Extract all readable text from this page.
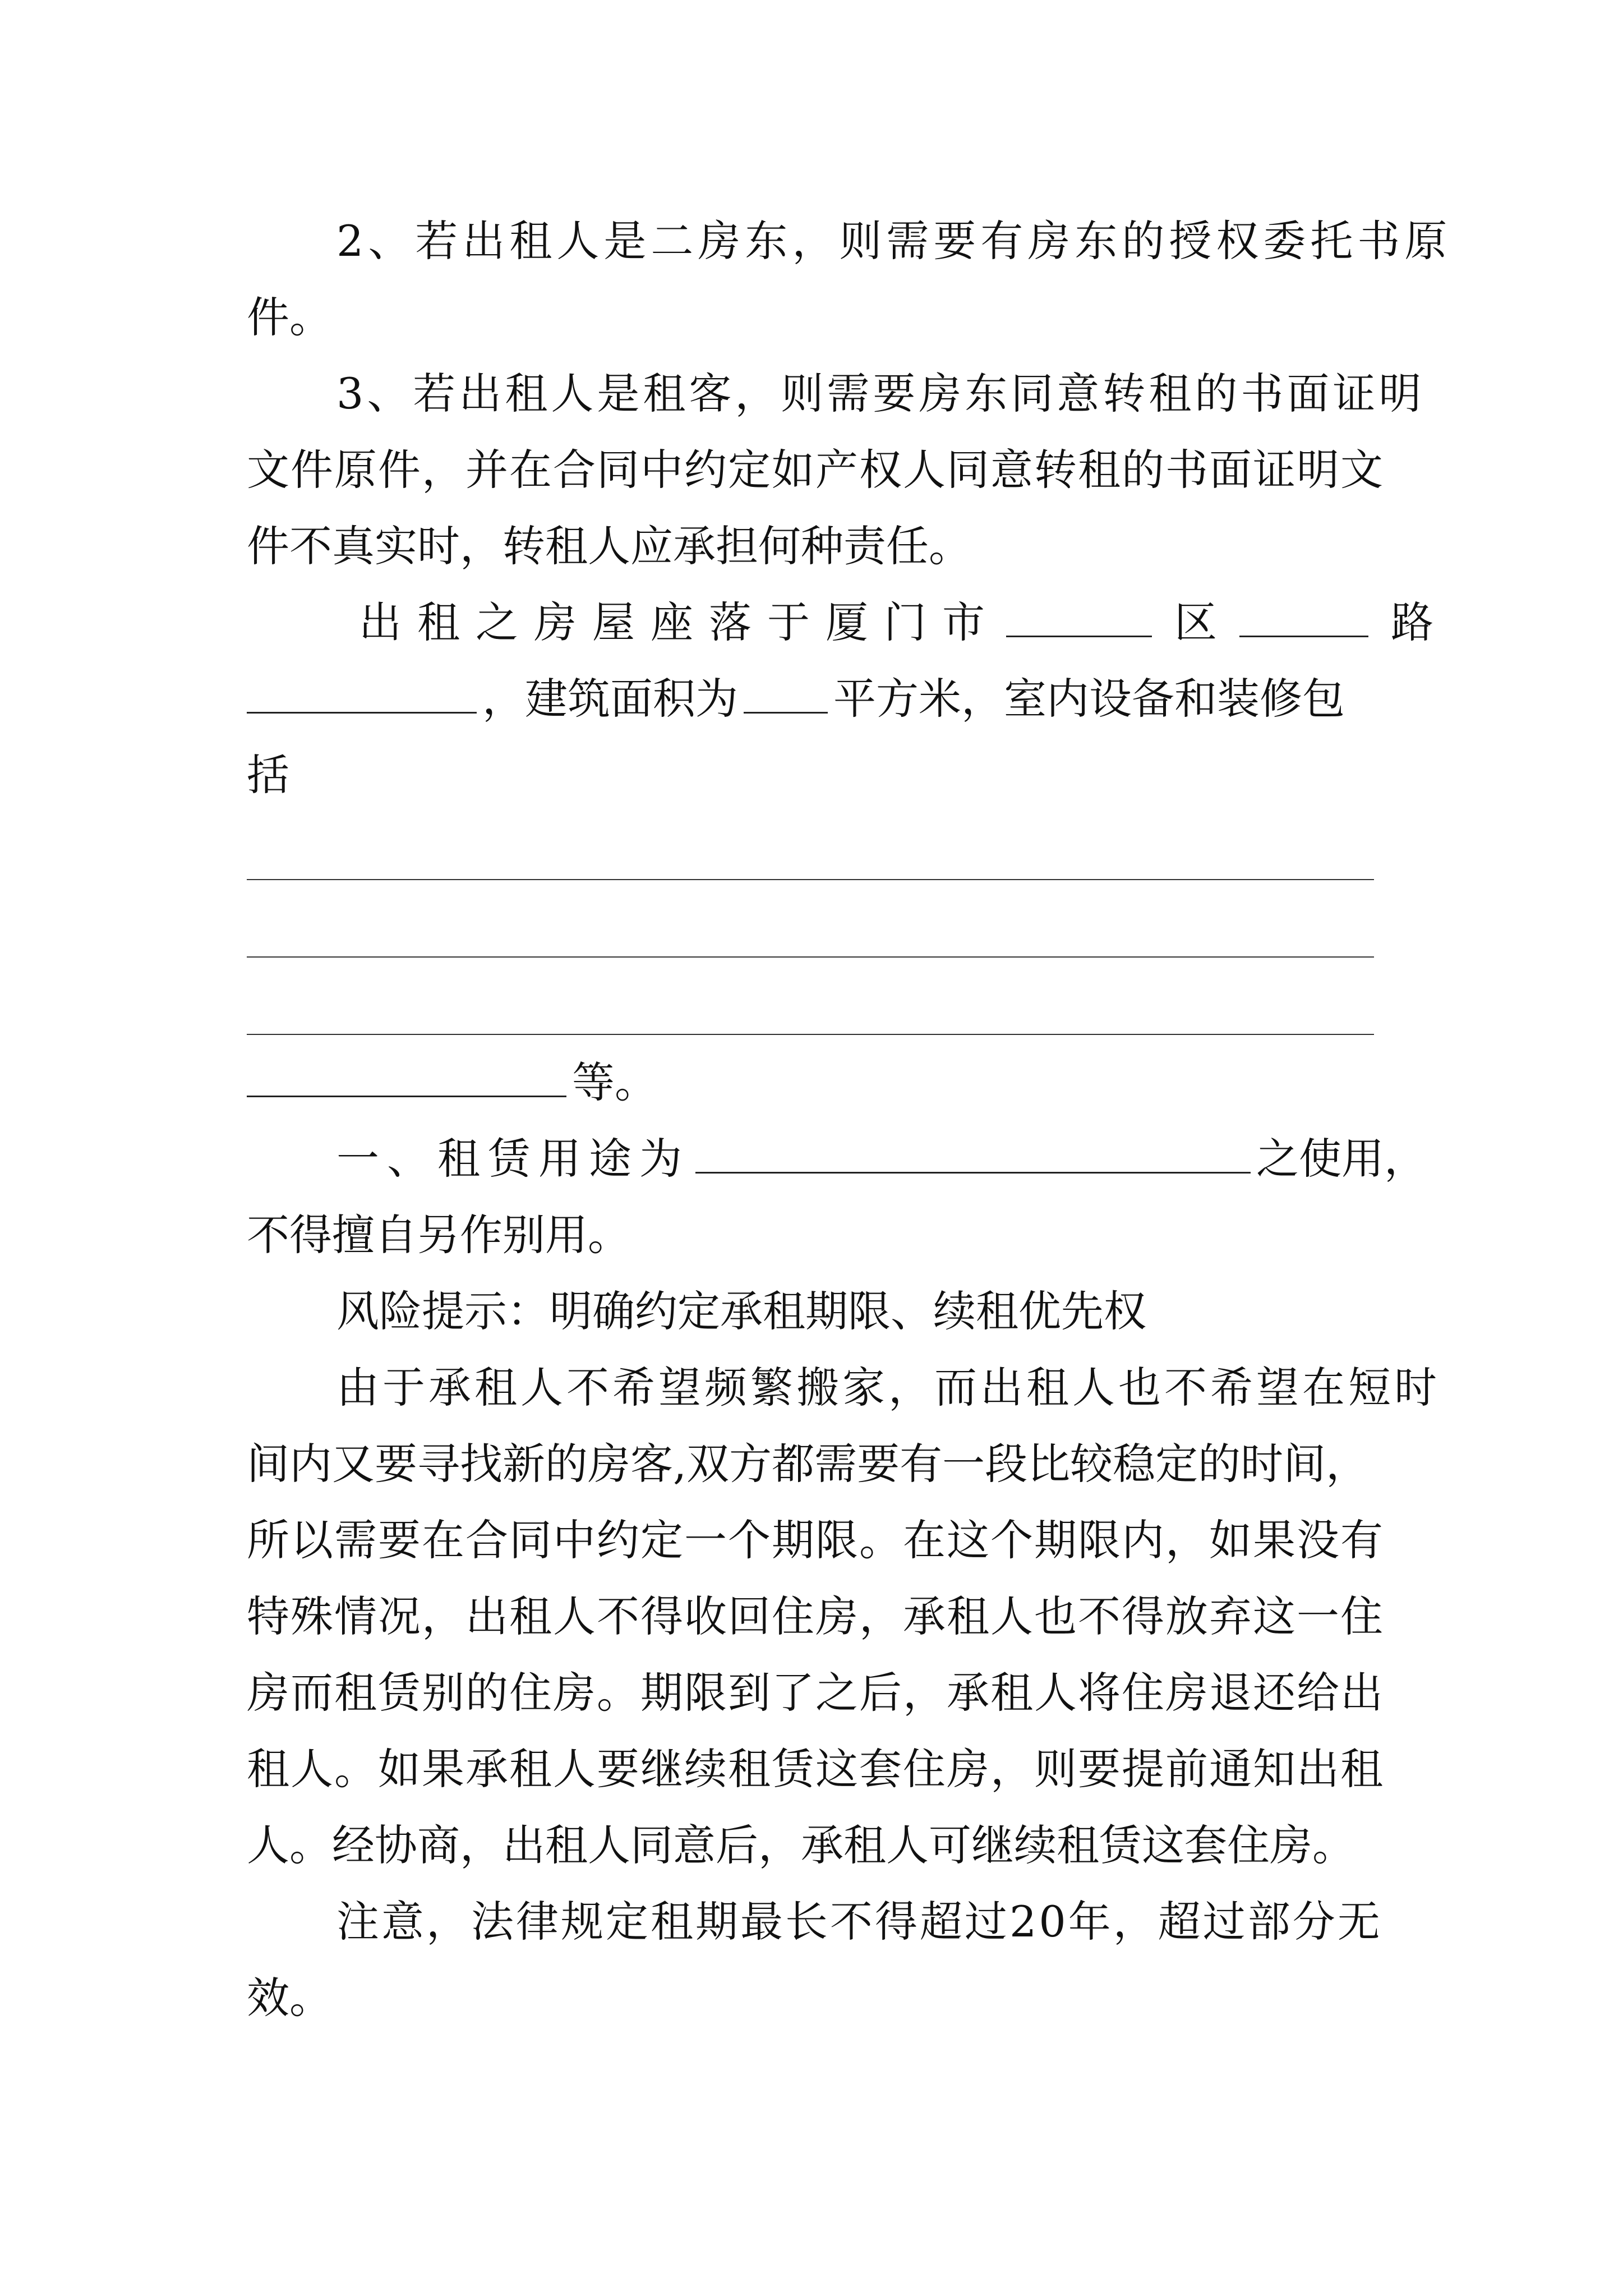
2、若出租人是二房东，则需要有房东的授权委托书原
件。
3、若出租人是租客，则需要房东同意转租的书面证明
文件原件，并在合同中约定如产权人同意转租的书面证明文
件不真实时，转租人应承担何种责任。
出租之房屋座落于厦门市	区	路
，建筑面积为 平方米，室内设备和装修包
括
等。
一、租赁用途为	之使用，
不得擅自另作别用。
风险提示：明确约定承租期限、续租优先权
由于承租人不希望频繁搬家，而出租人也不希望在短时
间内又要寻找新的房客,双方都需要有一段比较稳定的时间，
所以需要在合同中约定一个期限。在这个期限内，如果没有
特殊情况，出租人不得收回住房，承租人也不得放弃这一住
房而租赁别的住房。期限到了之后，承租人将住房退还给出
租人。如果承租人要继续租赁这套住房，则要提前通知出租
人。经协商，出租人同意后，承租人可继续租赁这套住房。
注意，法律规定租期最长不得超过20年，超过部分无
效。
